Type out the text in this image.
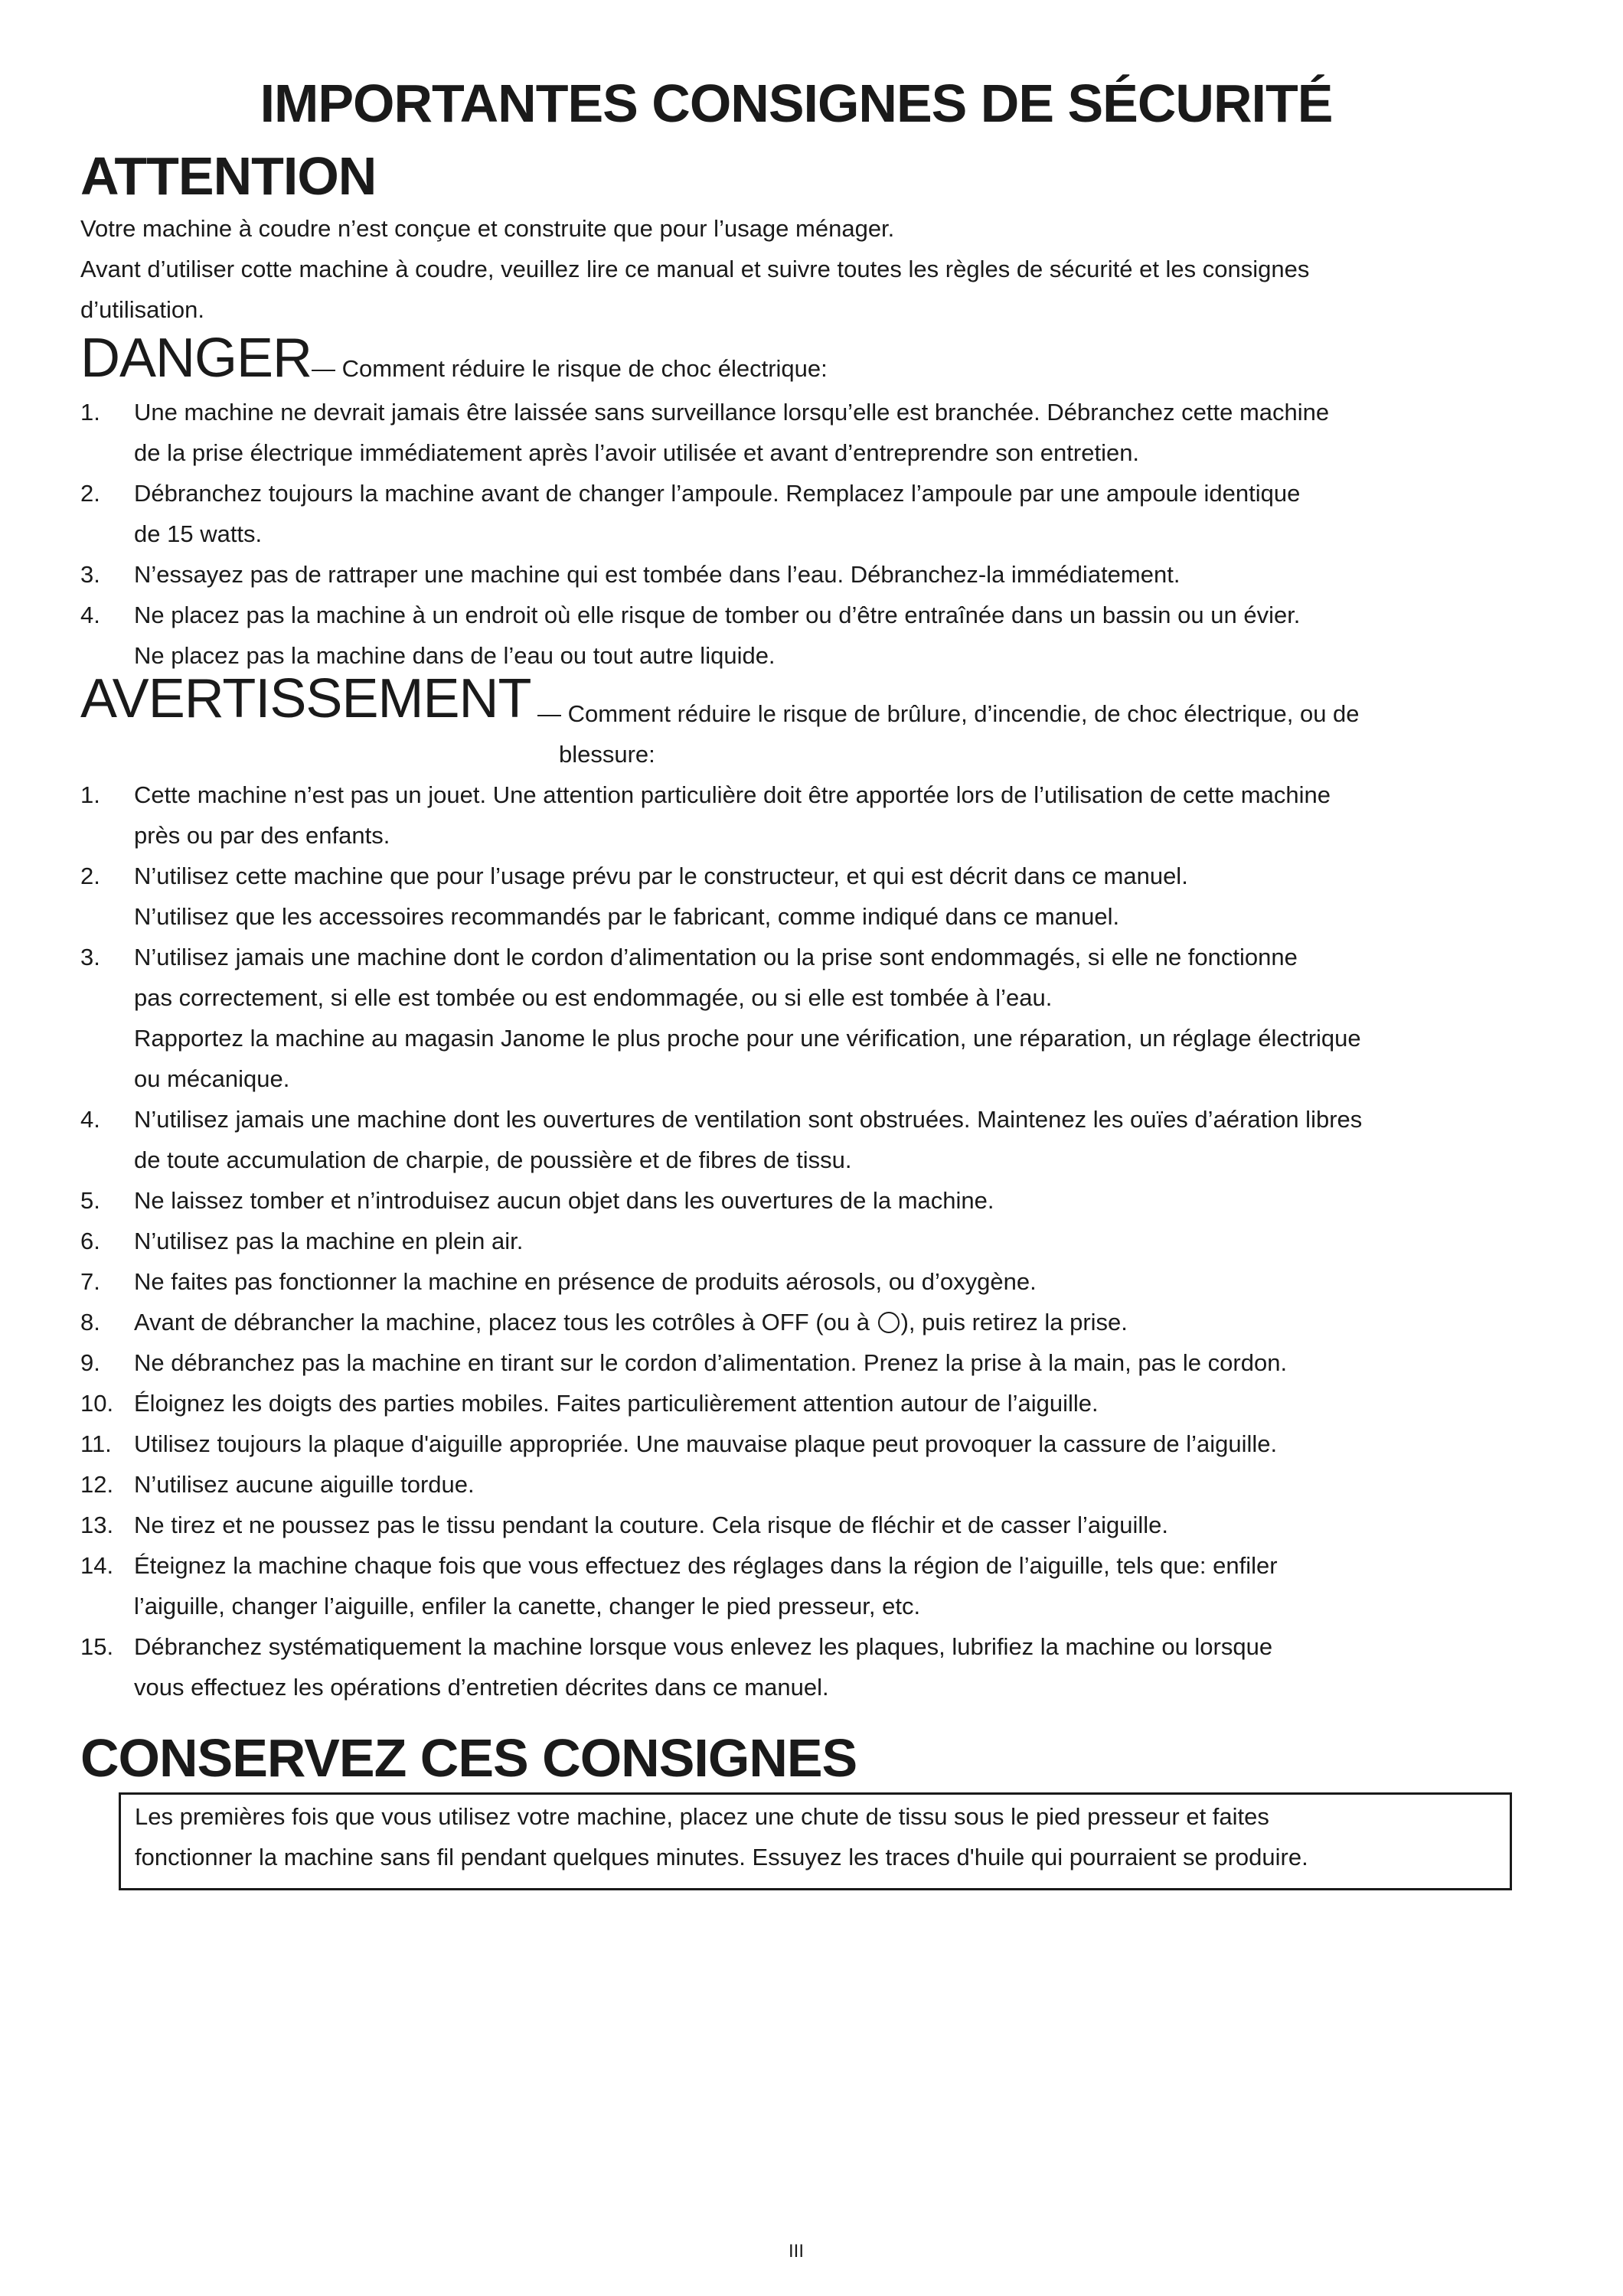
IMPORTANTES CONSIGNES DE SÉCURITÉ
ATTENTION

Votre machine à coudre n’est conçue et construite que pour l’usage ménager.

Avant d’utiliser cotte machine à coudre, veuillez lire ce manual et suivre toutes les règles de sécurité et les consignes

d’utilisation.

DANGER— Comment réduire le risque de choc électrique:
1.	Une machine ne devrait jamais être laissée sans surveillance lorsqu’elle est branchée. Débranchez cette machine
de la prise électrique immédiatement après l’avoir utilisée et avant d’entreprendre son entretien.
2.	Débranchez toujours la machine avant de changer l’ampoule. Remplacez l’ampoule par une ampoule identique
de 15 watts.
3.	N’essayez pas de rattraper une machine qui est tombée dans l’eau. Débranchez-la immédiatement.
4.	Ne placez pas la machine à un endroit où elle risque de tomber ou d’être entraînée dans un bassin ou un évier.
Ne placez pas la machine dans de l’eau ou tout autre liquide.
AVERTISSEMENT — Comment réduire le risque de brûlure, d’incendie, de choc électrique, ou de
blessure:
1.	Cette machine n’est pas un jouet. Une attention particulière doit être apportée lors de l’utilisation de cette machine
près ou par des enfants.
2.	N’utilisez cette machine que pour l’usage prévu par le constructeur, et qui est décrit dans ce manuel.
N’utilisez que les accessoires recommandés par le fabricant, comme indiqué dans ce manuel.
3.	N’utilisez jamais une machine dont le cordon d’alimentation ou la prise sont endommagés, si elle ne fonctionne
pas correctement, si elle est tombée ou est endommagée, ou si elle est tombée à l’eau.
Rapportez la machine au magasin Janome le plus proche pour une vérification, une réparation, un réglage électrique
ou mécanique.
4.	N’utilisez jamais une machine dont les ouvertures de ventilation sont obstruées. Maintenez les ouïes d’aération libres
de toute accumulation de charpie, de poussière et de fibres de tissu.
5.	Ne laissez tomber et n’introduisez aucun objet dans les ouvertures de la machine.
6.	N’utilisez pas la machine en plein air.
7.	Ne faites pas fonctionner la machine en présence de produits aérosols, ou d’oxygène.
8.	Avant de débrancher la machine, placez tous les cotrôles à OFF (ou à ), puis retirez la prise.
9.	Ne débranchez pas la machine en tirant sur le cordon d’alimentation. Prenez la prise à la main, pas le cordon.
10. Éloignez les doigts des parties mobiles. Faites particulièrement attention autour de l’aiguille.
11. Utilisez toujours la plaque d'aiguille appropriée. Une mauvaise plaque peut provoquer la cassure de l’aiguille.
12. N’utilisez aucune aiguille tordue.
13. Ne tirez et ne poussez pas le tissu pendant la couture. Cela risque de fléchir et de casser l’aiguille.
14. Éteignez la machine chaque fois que vous effectuez des réglages dans la région de l’aiguille, tels que: enfiler
l’aiguille, changer l’aiguille, enfiler la canette, changer le pied presseur, etc.
15. Débranchez systématiquement la machine lorsque vous enlevez les plaques, lubrifiez la machine ou lorsque
vous effectuez les opérations d’entretien décrites dans ce manuel.
CONSERVEZ CES CONSIGNES
Les premières fois que vous utilisez votre machine, placez une chute de tissu sous le pied presseur et faites
fonctionner la machine sans fil pendant quelques minutes. Essuyez les traces d'huile qui pourraient se produire.
III
